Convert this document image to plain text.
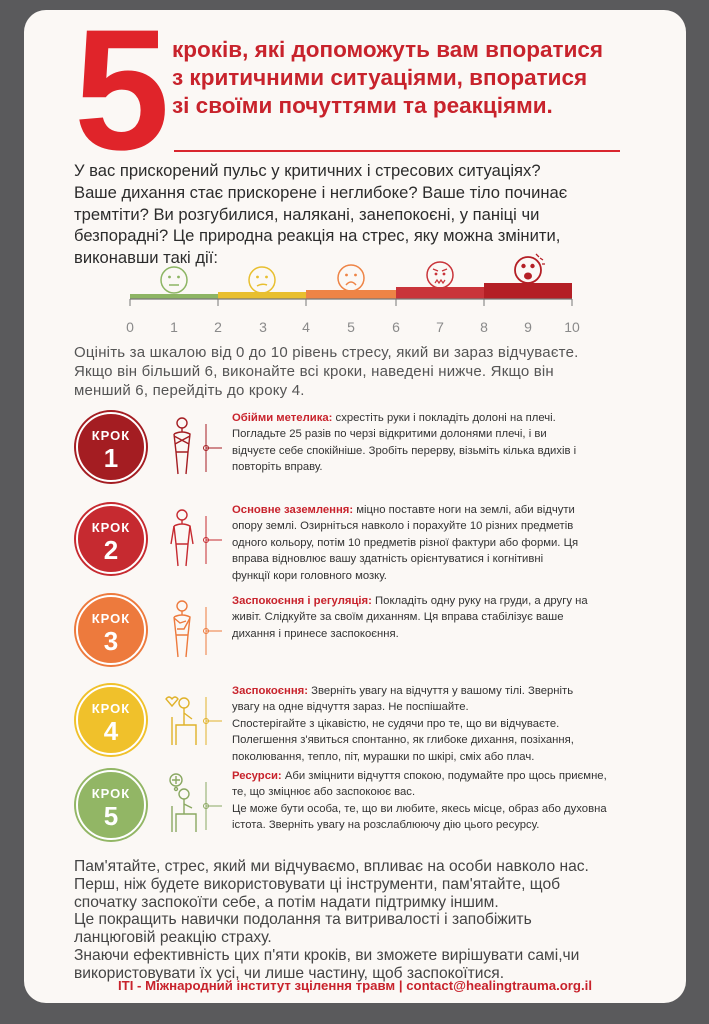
5 кроків, які допоможуть вам впоратися
з критичними ситуаціями, впоратися
зі своїми почуттями та реакціями.
У вас прискорений пульс у критичних і стресових ситуаціях?
Ваше дихання стає прискорене і неглибоке? Ваше тіло починає
тремтіти? Ви розгубилися, налякані, занепокоєні, у паніці чи
безпорадні? Це природна реакція на стрес, яку можна змінити,
виконавши такі дії:
0	1	2	3	4	5	6	7	8	9 10
Оцініть за шкалою від 0 до 10 рівень стресу, який ви зараз відчуваєте.
Якщо він більший 6, виконайте всі кроки, наведені нижче. Якщо він
менший 6, перейдіть до кроку 4.
КРОК
1
Обійми метелика: схрестіть руки і покладіть долоні на плечі.
Погладьте 25 разів по черзі відкритими долонями плечі, і ви
відчуєте себе спокійніше. Зробіть перерву, візьміть кілька вдихів і
повторіть вправу.
КРОК
2
Основне заземлення: міцно поставте ноги на землі, аби відчути
опору землі. Озирніться навколо і порахуйте 10 різних предметів
одного кольору, потім 10 предметів різної фактури або форми. Ця
вправа відновлює вашу здатність орієнтуватися і когнітивні
функції кори головного мозку.
КРОК
3
Заспокоєння і регуляція: Покладіть одну руку на груди, а другу на
живіт. Слідкуйте за своїм диханням. Ця вправа стабілізує ваше
дихання і принесе заспокоєння.
КРОК
4
Заспокоєння: Зверніть увагу на відчуття у вашому тілі. Зверніть
увагу на одне відчуття зараз. Не поспішайте.
Спостерігайте з цікавістю, не судячи про те, що ви відчуваєте.
Полегшення з'явиться спонтанно, як глибоке дихання, позіхання,
поколювання, тепло, піт, мурашки по шкірі, сміх або плач.
КРОК
5
Ресурси: Аби зміцнити відчуття спокою, подумайте про щось приємне,
те, що зміцнює або заспокоює вас.
Це може бути особа, те, що ви любите, якесь місце, образ або духовна
істота. Зверніть увагу на розслаблюючу дію цього ресурсу.
Пам'ятайте, стрес, який ми відчуваємо, впливає на особи навколо нас.
Перш, ніж будете використовувати ці інструменти, пам'ятайте, щоб
спочатку заспокоїти себе, а потім надати підтримку іншим.
Це покращить навички подолання та витривалості і запобіжить
ланцюговій реакцію страху.
Знаючи ефективність цих п'яти кроків, ви зможете вирішувати самі,чи
використовувати їх усі, чи лише частину, щоб заспокоїтися.
ITI - Міжнародний інститут зцілення травм | contact@healingtrauma.org.il
